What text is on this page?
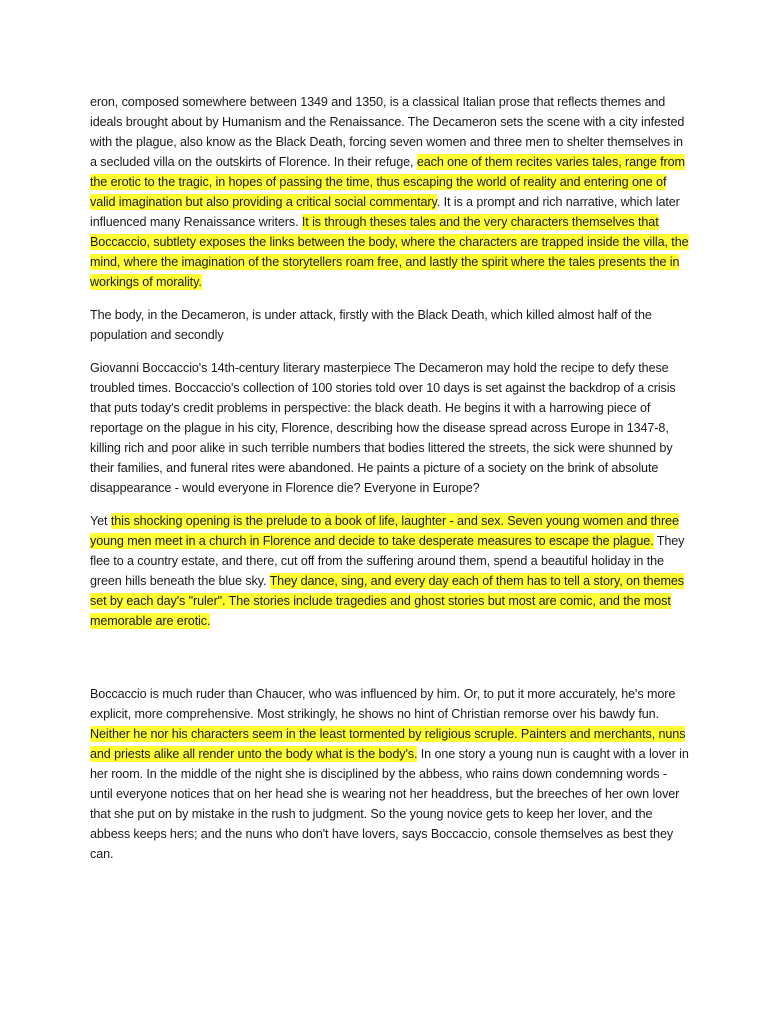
eron, composed somewhere between 1349 and 1350, is a classical Italian prose that reflects themes and ideals brought about by Humanism and the Renaissance. The Decameron sets the scene with a city infested with the plague, also know as the Black Death, forcing seven women and three men to shelter themselves in a secluded villa on the outskirts of Florence. In their refuge, each one of them recites varies tales, range from the erotic to the tragic, in hopes of passing the time, thus escaping the world of reality and entering one of valid imagination but also providing a critical social commentary. It is a prompt and rich narrative, which later influenced many Renaissance writers. It is through theses tales and the very characters themselves that Boccaccio, subtlety exposes the links between the body, where the characters are trapped inside the villa, the mind, where the imagination of the storytellers roam free, and lastly the spirit where the tales presents the in workings of morality.

The body, in the Decameron, is under attack, firstly with the Black Death, which killed almost half of the population and secondly

Giovanni Boccaccio's 14th-century literary masterpiece The Decameron may hold the recipe to defy these troubled times. Boccaccio's collection of 100 stories told over 10 days is set against the backdrop of a crisis that puts today's credit problems in perspective: the black death. He begins it with a harrowing piece of reportage on the plague in his city, Florence, describing how the disease spread across Europe in 1347-8, killing rich and poor alike in such terrible numbers that bodies littered the streets, the sick were shunned by their families, and funeral rites were abandoned. He paints a picture of a society on the brink of absolute disappearance - would everyone in Florence die? Everyone in Europe?

Yet this shocking opening is the prelude to a book of life, laughter - and sex. Seven young women and three young men meet in a church in Florence and decide to take desperate measures to escape the plague. They flee to a country estate, and there, cut off from the suffering around them, spend a beautiful holiday in the green hills beneath the blue sky. They dance, sing, and every day each of them has to tell a story, on themes set by each day's "ruler". The stories include tragedies and ghost stories but most are comic, and the most memorable are erotic.

Boccaccio is much ruder than Chaucer, who was influenced by him. Or, to put it more accurately, he's more explicit, more comprehensive. Most strikingly, he shows no hint of Christian remorse over his bawdy fun. Neither he nor his characters seem in the least tormented by religious scruple. Painters and merchants, nuns and priests alike all render unto the body what is the body's. In one story a young nun is caught with a lover in her room. In the middle of the night she is disciplined by the abbess, who rains down condemning words - until everyone notices that on her head she is wearing not her headdress, but the breeches of her own lover that she put on by mistake in the rush to judgment. So the young novice gets to keep her lover, and the abbess keeps hers; and the nuns who don't have lovers, says Boccaccio, console themselves as best they can.
